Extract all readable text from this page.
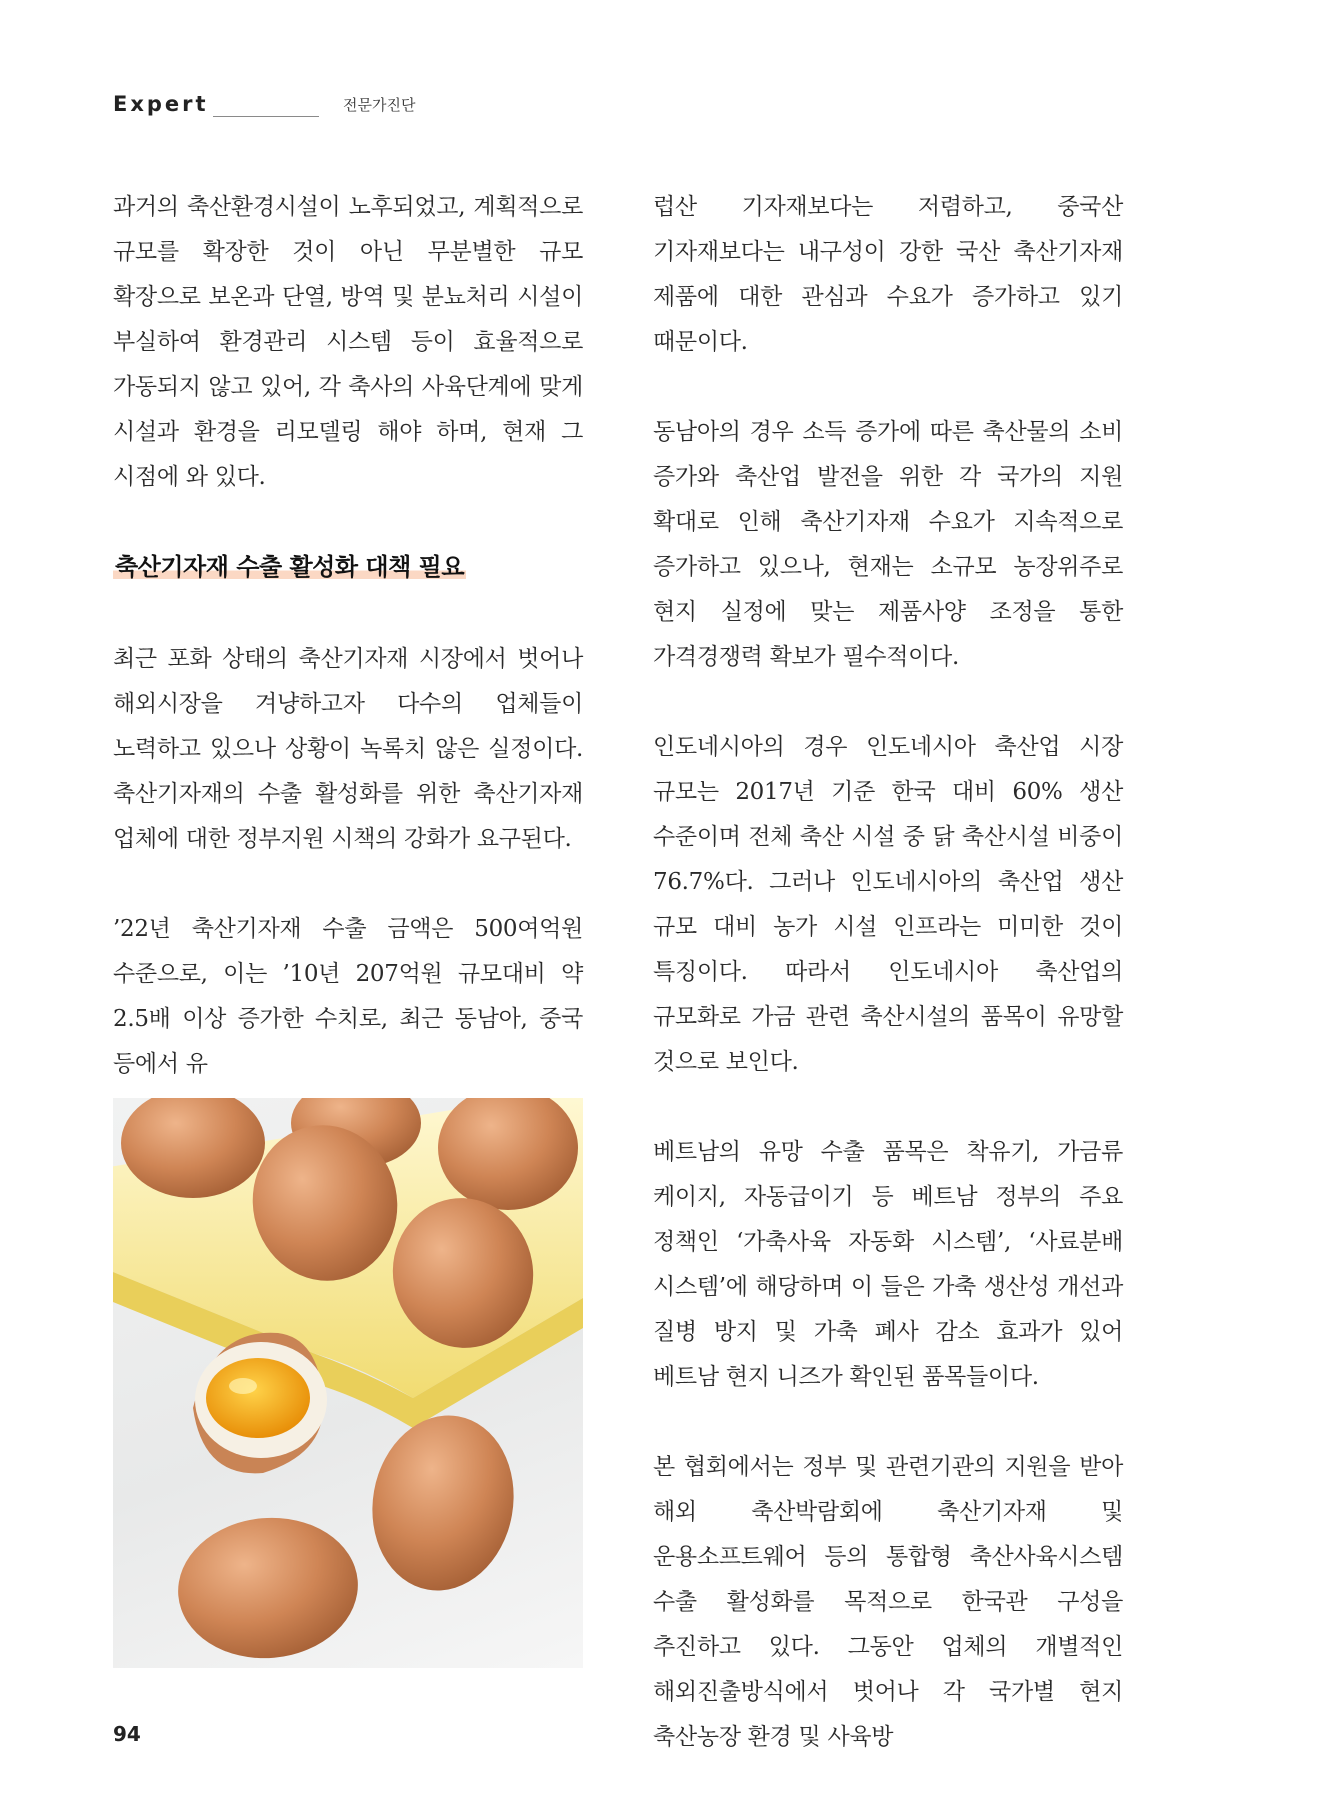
Expert	전문가진단

과거의 축산환경시설이 노후되었고, 계획적으로 규모를 확장한 것이 아닌 무분별한 규모 확장으로 보온과 단열, 방역 및 분뇨처리 시설이 부실하여 환경관리 시스템 등이 효율적으로 가동되지 않고 있어, 각 축사의 사육단계에 맞게 시설과 환경을 리모델링 해야 하며, 현재 그 시점에 와 있다.

축산기자재 수출 활성화 대책 필요

최근 포화 상태의 축산기자재 시장에서 벗어나 해외시장을 겨냥하고자 다수의 업체들이 노력하고 있으나 상황이 녹록치 않은 실정이다. 축산기자재의 수출 활성화를 위한 축산기자재 업체에 대한 정부지원 시책의 강화가 요구된다.

’22년 축산기자재 수출 금액은 500여억원 수준으로, 이는 ’10년 207억원 규모대비 약 2.5배 이상 증가한 수치로, 최근 동남아, 중국 등에서 유

럽산 기자재보다는 저렴하고, 중국산 기자재보다는 내구성이 강한 국산 축산기자재 제품에 대한 관심과 수요가 증가하고 있기 때문이다.

동남아의 경우 소득 증가에 따른 축산물의 소비 증가와 축산업 발전을 위한 각 국가의 지원 확대로 인해 축산기자재 수요가 지속적으로 증가하고 있으나, 현재는 소규모 농장위주로 현지 실정에 맞는 제품사양 조정을 통한 가격경쟁력 확보가 필수적이다.

인도네시아의 경우 인도네시아 축산업 시장 규모는 2017년 기준 한국 대비 60% 생산 수준이며 전체 축산 시설 중 닭 축산시설 비중이 76.7%다. 그러나 인도네시아의 축산업 생산 규모 대비 농가 시설 인프라는 미미한 것이 특징이다. 따라서 인도네시아 축산업의 규모화로 가금 관련 축산시설의 품목이 유망할 것으로 보인다.

베트남의 유망 수출 품목은 착유기, 가금류 케이지, 자동급이기 등 베트남 정부의 주요 정책인 ‘가축사육 자동화 시스템’, ‘사료분배 시스템’에 해당하며 이 들은 가축 생산성 개선과 질병 방지 및 가축 폐사 감소 효과가 있어 베트남 현지 니즈가 확인된 품목들이다.

본 협회에서는 정부 및 관련기관의 지원을 받아 해외 축산박람회에 축산기자재 및 운용소프트웨어 등의 통합형 축산사육시스템 수출 활성화를 목적으로 한국관 구성을 추진하고 있다. 그동안 업체의 개별적인 해외진출방식에서 벗어나 각 국가별 현지 축산농장 환경 및 사육방

94
